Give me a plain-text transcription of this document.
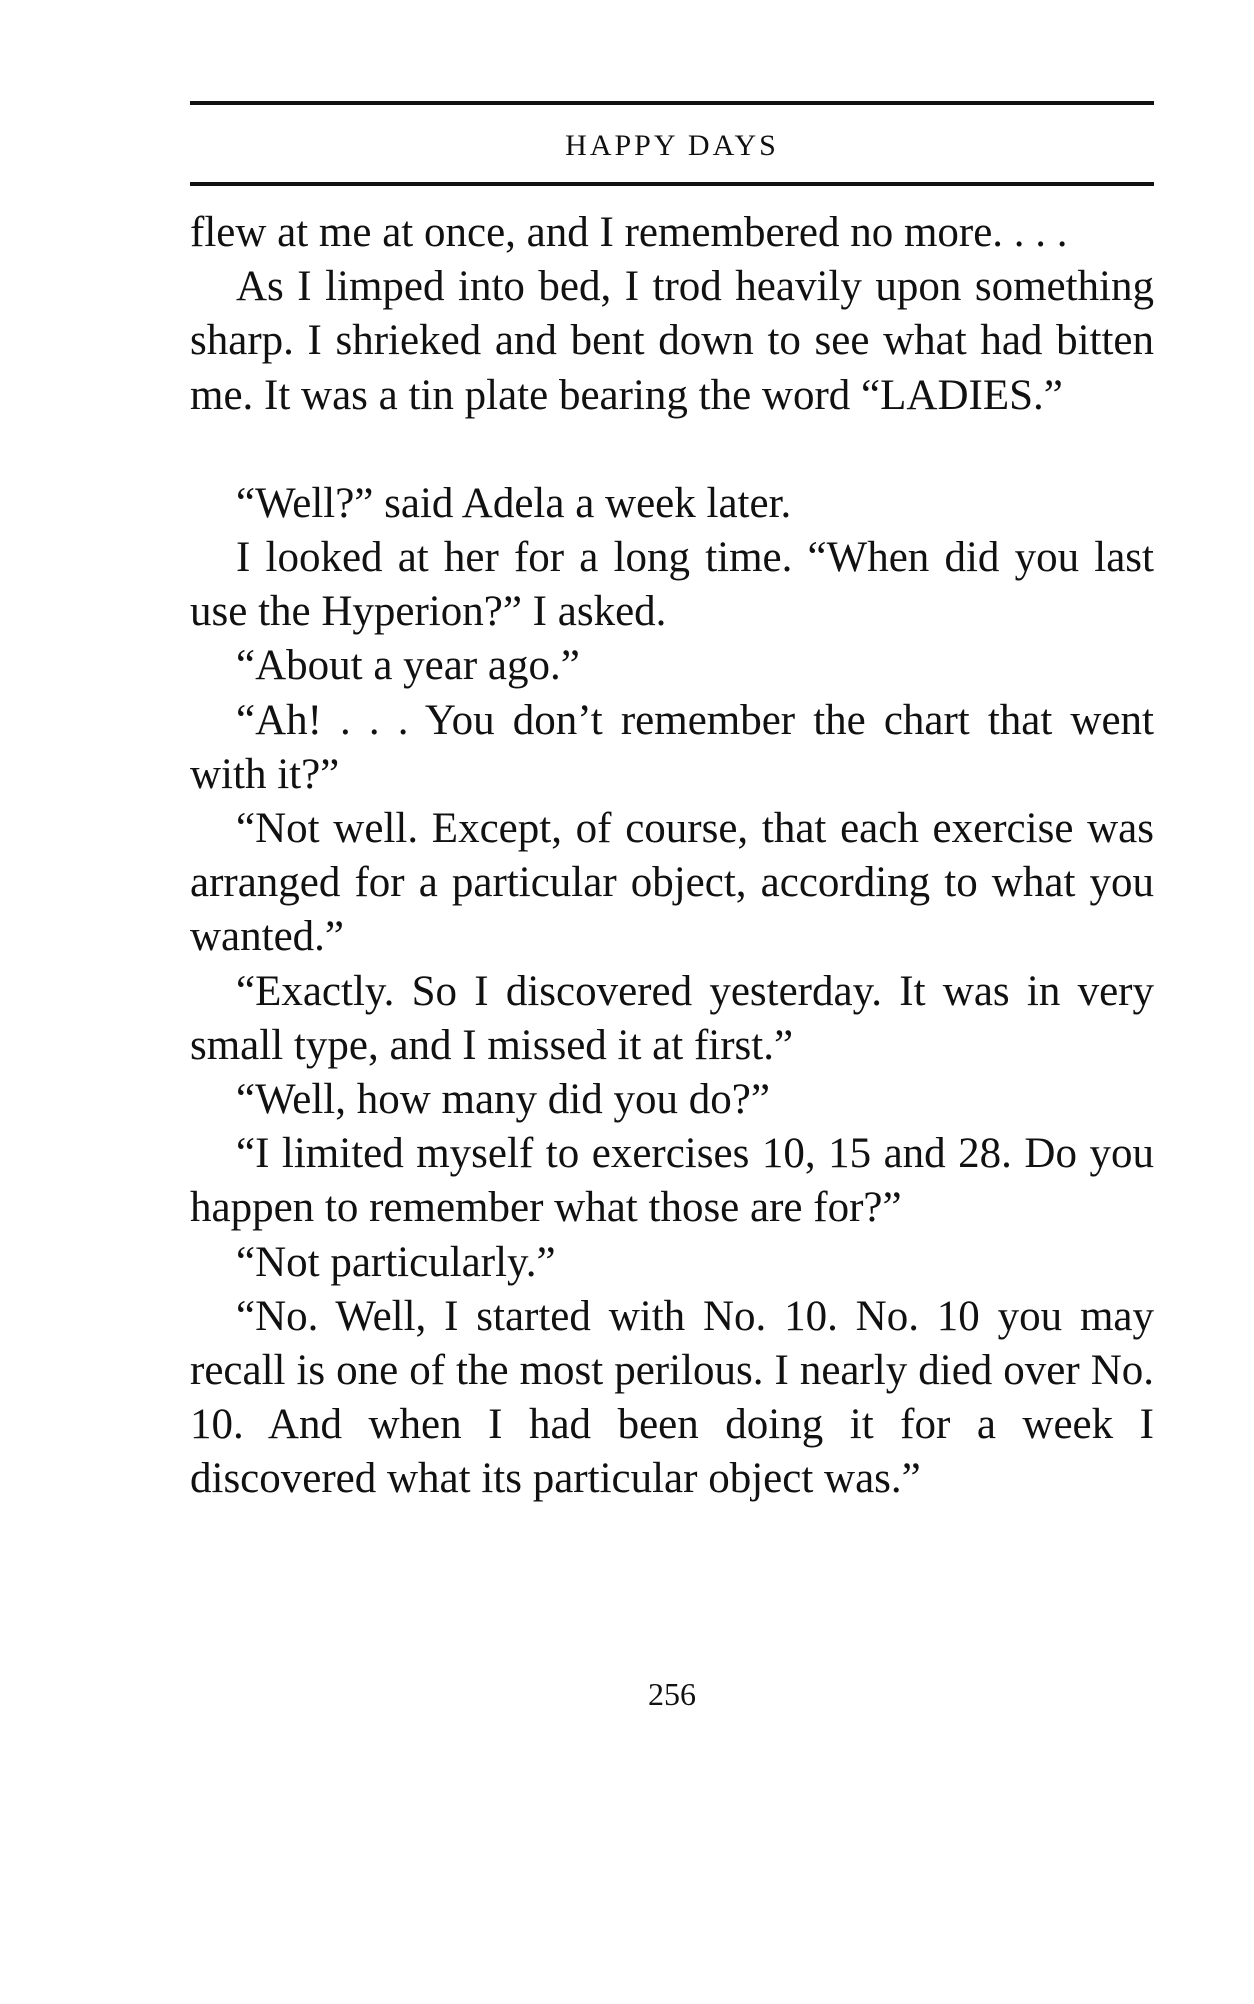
HAPPY DAYS

flew at me at once, and I remembered no more. . . .

As I limped into bed, I trod heavily upon something sharp. I shrieked and bent down to see what had bitten me. It was a tin plate bearing the word “LADIES.”

“Well?” said Adela a week later.

I looked at her for a long time. “When did you last use the Hyperion?” I asked.

“About a year ago.”

“Ah! . . . You don’t remember the chart that went with it?”

“Not well. Except, of course, that each exercise was arranged for a particular object, according to what you wanted.”

“Exactly. So I discovered yesterday. It was in very small type, and I missed it at first.”

“Well, how many did you do?”

“I limited myself to exercises 10, 15 and 28. Do you happen to remember what those are for?”

“Not particularly.”

“No. Well, I started with No. 10. No. 10 you may recall is one of the most perilous. I nearly died over No. 10. And when I had been doing it for a week I discovered what its particular object was.”

256
